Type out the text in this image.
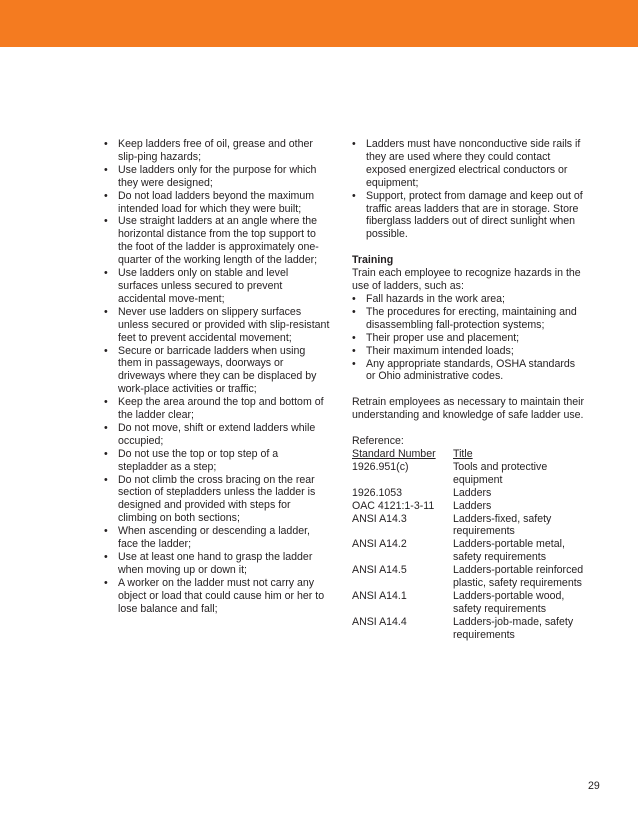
• Keep ladders free of oil, grease and other slip-ping hazards;
• Use ladders only for the purpose for which they were designed;
• Do not load ladders beyond the maximum intended load for which they were built;
• Use straight ladders at an angle where the horizontal distance from the top support to the foot of the ladder is approximately one-quarter of the working length of the ladder;
• Use ladders only on stable and level surfaces unless secured to prevent accidental move-ment;
• Never use ladders on slippery surfaces unless secured or provided with slip-resistant feet to prevent accidental movement;
• Secure or barricade ladders when using them in passageways, doorways or driveways where they can be displaced by work-place activities or traffic;
• Keep the area around the top and bottom of the ladder clear;
• Do not move, shift or extend ladders while occupied;
• Do not use the top or top step of a stepladder as a step;
• Do not climb the cross bracing on the rear section of stepladders unless the ladder is designed and provided with steps for climbing on both sections;
• When ascending or descending a ladder, face the ladder;
• Use at least one hand to grasp the ladder when moving up or down it;
• A worker on the ladder must not carry any object or load that could cause him or her to lose balance and fall;
• Ladders must have nonconductive side rails if they are used where they could contact exposed energized electrical conductors or equipment;
• Support, protect from damage and keep out of traffic areas ladders that are in storage. Store fiberglass ladders out of direct sunlight when possible.
Training
Train each employee to recognize hazards in the use of ladders, such as:
• Fall hazards in the work area;
• The procedures for erecting, maintaining and disassembling fall-protection systems;
• Their proper use and placement;
• Their maximum intended loads;
• Any appropriate standards, OSHA standards or Ohio administrative codes.
Retrain employees as necessary to maintain their understanding and knowledge of safe ladder use.
Reference:
Standard Number	Title
1926.951(c)	Tools and protective equipment
1926.1053	Ladders
OAC 4121:1-3-11	Ladders
ANSI A14.3	Ladders-fixed, safety requirements
ANSI A14.2	Ladders-portable metal, safety requirements
ANSI A14.5	Ladders-portable reinforced plastic, safety requirements
ANSI A14.1	Ladders-portable wood, safety requirements
ANSI A14.4	Ladders-job-made, safety requirements
29
